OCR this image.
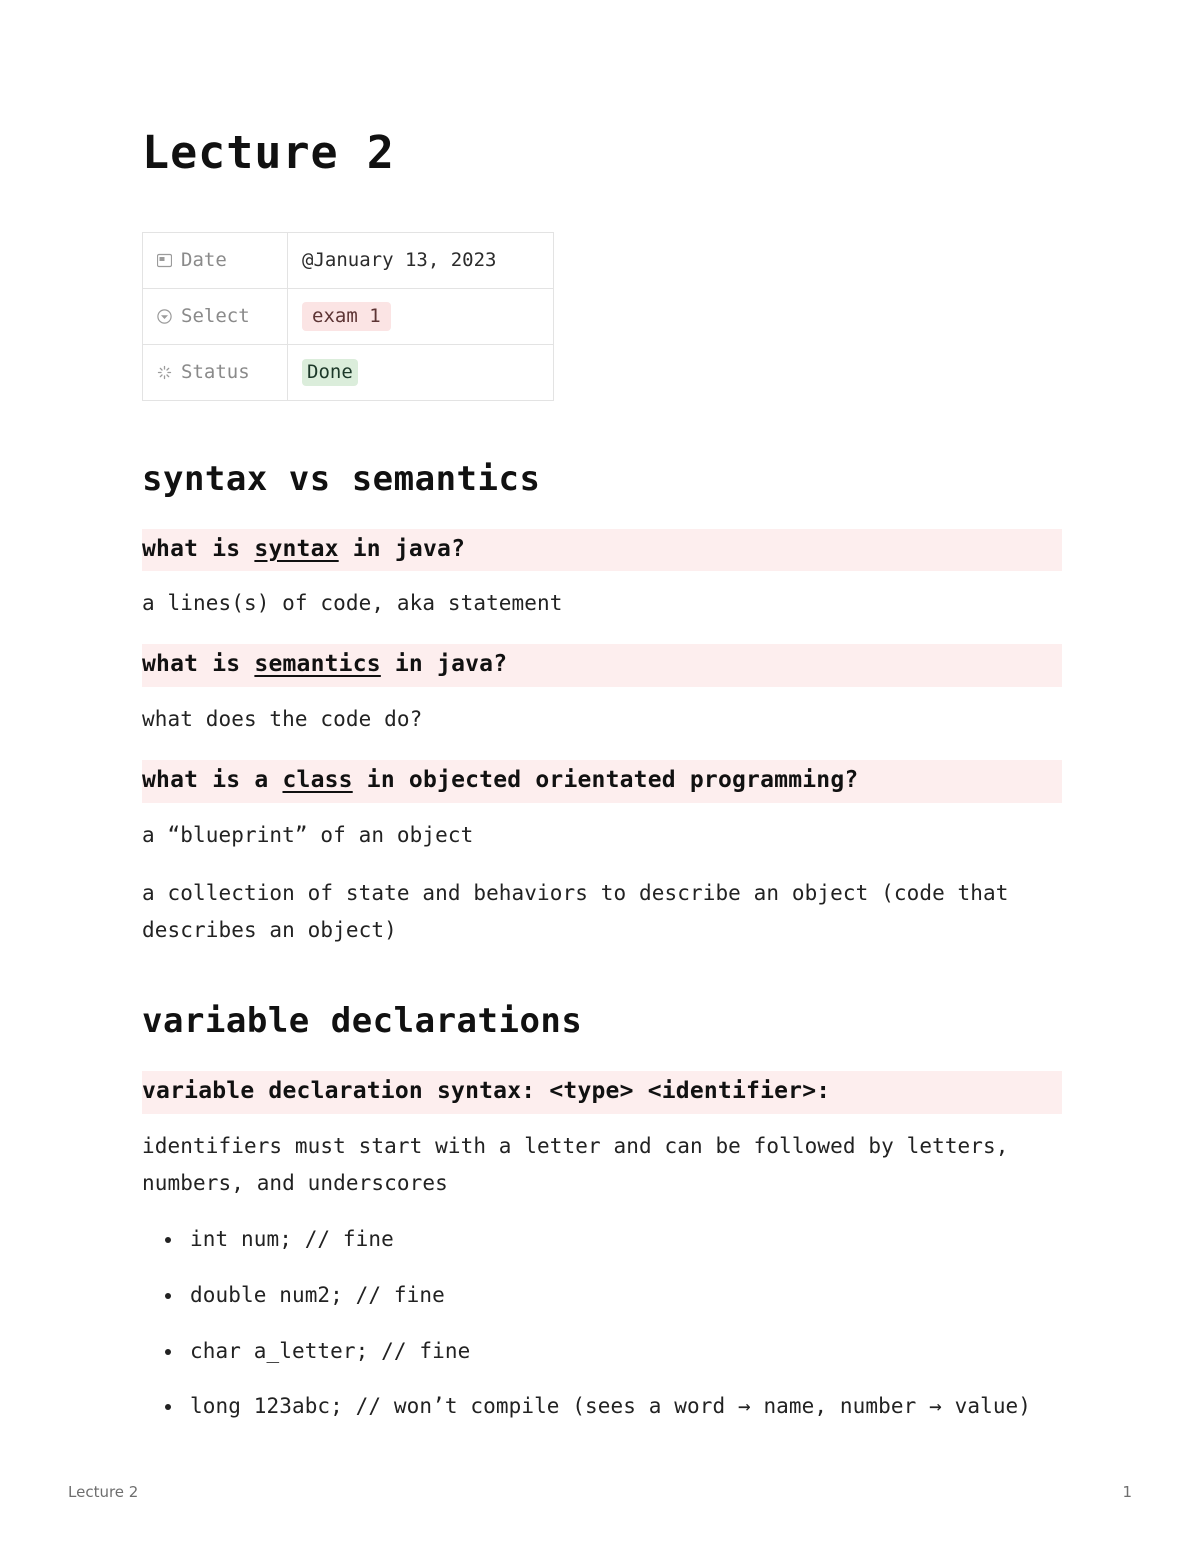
Lecture 2
Date	@January 13, 2023

Select	exam 1

Status	Done
syntax vs semantics
what is syntax in java?

a lines(s) of code, aka statement

what is semantics in java?

what does the code do?

what is a class in objected orientated programming?

a “blueprint” of an object

a collection of state and behaviors to describe an object (code that describes an object)

variable declarations
variable declaration syntax: <type> <identifier>:

identifiers must start with a letter and can be followed by letters, numbers, and underscores

• int num; // fine
• double num2; // fine
• char a_letter; // fine
• long 123abc; // won’t compile (sees a word → name, number → value)
Lecture 2	1
